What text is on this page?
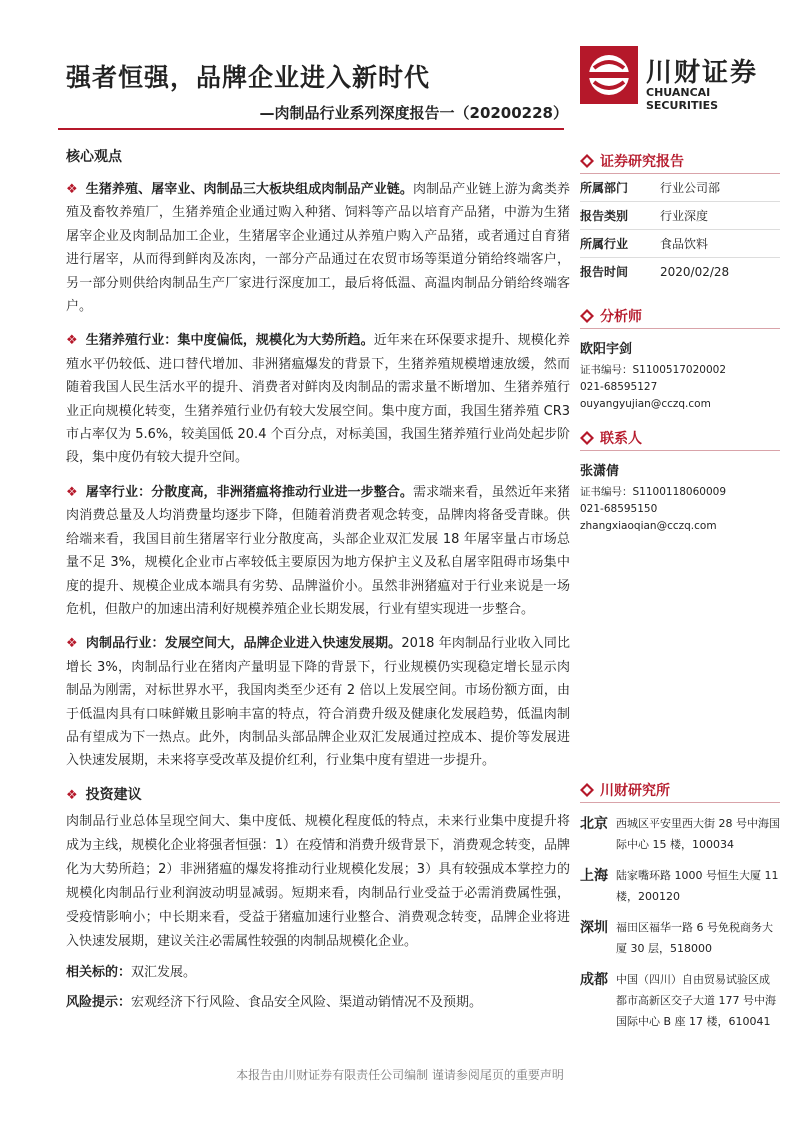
强者恒强，品牌企业进入新时代
—肉制品行业系列深度报告一（20200228）
川财证券
CHUANCAI SECURITIES
核心观点

❖ 生猪养殖、屠宰业、肉制品三大板块组成肉制品产业链。肉制品产业链上游为禽类养殖及畜牧养殖厂，生猪养殖企业通过购入种猪、饲料等产品以培育产品猪，中游为生猪屠宰企业及肉制品加工企业，生猪屠宰企业通过从养殖户购入产品猪，或者通过自育猪进行屠宰，从而得到鲜肉及冻肉，一部分产品通过在农贸市场等渠道分销给终端客户，另一部分则供给肉制品生产厂家进行深度加工，最后将低温、高温肉制品分销给终端客户。

❖ 生猪养殖行业：集中度偏低，规模化为大势所趋。近年来在环保要求提升、规模化养殖水平仍较低、进口替代增加、非洲猪瘟爆发的背景下，生猪养殖规模增速放缓，然而随着我国人民生活水平的提升、消费者对鲜肉及肉制品的需求量不断增加、生猪养殖行业正向规模化转变，生猪养殖行业仍有较大发展空间。集中度方面，我国生猪养殖 CR3 市占率仅为 5.6%，较美国低 20.4 个百分点，对标美国，我国生猪养殖行业尚处起步阶段，集中度仍有较大提升空间。

❖ 屠宰行业：分散度高，非洲猪瘟将推动行业进一步整合。需求端来看，虽然近年来猪肉消费总量及人均消费量均逐步下降，但随着消费者观念转变，品牌肉将备受青睐。供给端来看，我国目前生猪屠宰行业分散度高，头部企业双汇发展 18 年屠宰量占市场总量不足 3%，规模化企业市占率较低主要原因为地方保护主义及私自屠宰阻碍市场集中度的提升、规模企业成本端具有劣势、品牌溢价小。虽然非洲猪瘟对于行业来说是一场危机，但散户的加速出清利好规模养殖企业长期发展，行业有望实现进一步整合。

❖ 肉制品行业：发展空间大，品牌企业进入快速发展期。2018 年肉制品行业收入同比增长 3%，肉制品行业在猪肉产量明显下降的背景下，行业规模仍实现稳定增长显示肉制品为刚需，对标世界水平，我国肉类至少还有 2 倍以上发展空间。市场份额方面，由于低温肉具有口味鲜嫩且影响丰富的特点，符合消费升级及健康化发展趋势，低温肉制品有望成为下一热点。此外，肉制品头部品牌企业双汇发展通过控成本、提价等发展进入快速发展期，未来将享受改革及提价红利，行业集中度有望进一步提升。

❖ 投资建议

肉制品行业总体呈现空间大、集中度低、规模化程度低的特点，未来行业集中度提升将成为主线，规模化企业将强者恒强：1）在疫情和消费升级背景下，消费观念转变，品牌化为大势所趋；2）非洲猪瘟的爆发将推动行业规模化发展；3）具有较强成本掌控力的规模化肉制品行业利润波动明显减弱。短期来看，肉制品行业受益于必需消费属性强，受疫情影响小；中长期来看，受益于猪瘟加速行业整合、消费观念转变，品牌企业将进入快速发展期，建议关注必需属性较强的肉制品规模化企业。

相关标的：双汇发展。
风险提示：宏观经济下行风险、食品安全风险、渠道动销情况不及预期。
证券研究报告
所属部门	行业公司部
报告类别	行业深度
所属行业	食品饮料
报告时间	2020/02/28
分析师
欧阳宇剑
证书编号：S1100517020002
021-68595127
ouyangyujian@cczq.com
联系人
张潇倩
证书编号：S1100118060009
021-68595150
zhangxiaoqian@cczq.com
川财研究所
北京 西城区平安里西大街 28 号中海国际中心 15 楼，100034
上海 陆家嘴环路 1000 号恒生大厦 11 楼，200120
深圳 福田区福华一路 6 号免税商务大厦 30 层，518000
成都 中国（四川）自由贸易试验区成都市高新区交子大道 177 号中海国际中心 B 座 17 楼，610041
本报告由川财证券有限责任公司编制 谨请参阅尾页的重要声明
